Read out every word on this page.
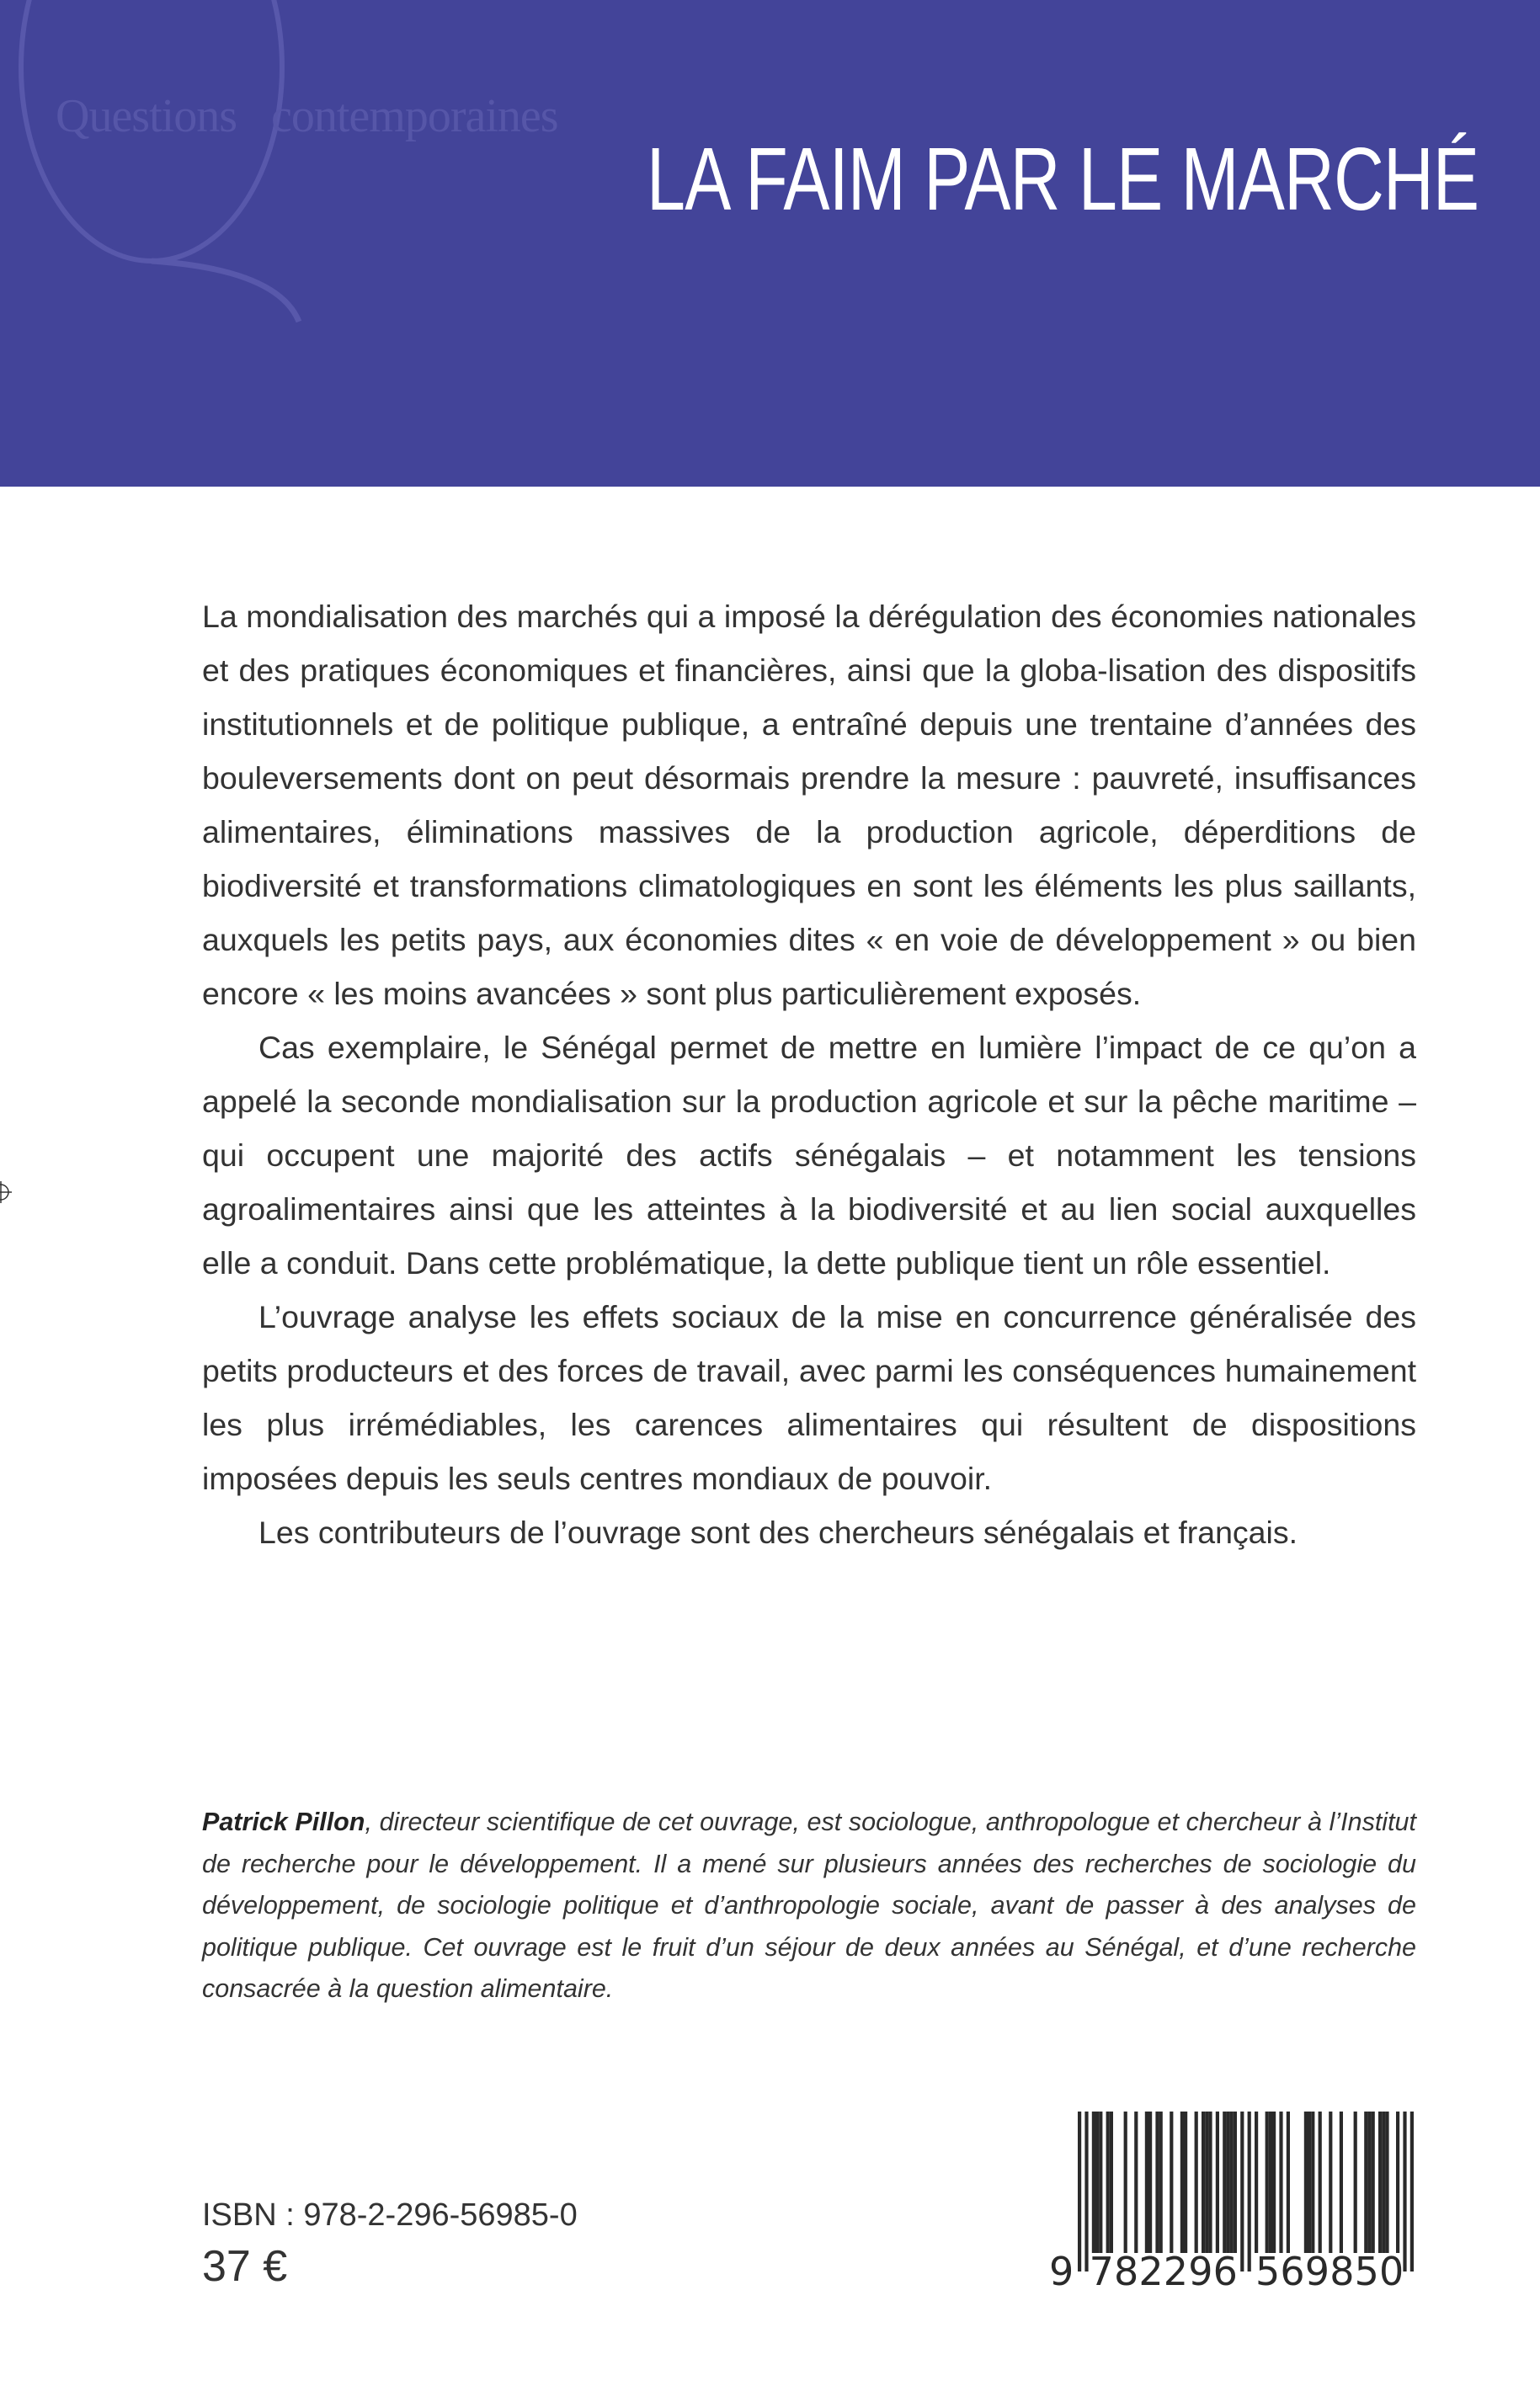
Questions contemporaines
LA FAIM PAR LE MARCHÉ

La mondialisation des marchés qui a imposé la dérégulation des économies nationales et des pratiques économiques et financières, ainsi que la globa-lisation des dispositifs institutionnels et de politique publique, a entraîné depuis une trentaine d’années des bouleversements dont on peut désormais prendre la mesure : pauvreté, insuffisances alimentaires, éliminations massives de la production agricole, déperditions de biodiversité et transformations climatologiques en sont les éléments les plus saillants, auxquels les petits pays, aux économies dites « en voie de développement » ou bien encore « les moins avancées » sont plus particulièrement exposés.

Cas exemplaire, le Sénégal permet de mettre en lumière l’impact de ce qu’on a appelé la seconde mondialisation sur la production agricole et sur la pêche maritime – qui occupent une majorité des actifs sénégalais – et notamment les tensions agroalimentaires ainsi que les atteintes à la biodiversité et au lien social auxquelles elle a conduit. Dans cette problématique, la dette publique tient un rôle essentiel.

L’ouvrage analyse les effets sociaux de la mise en concurrence généralisée des petits producteurs et des forces de travail, avec parmi les conséquences humainement les plus irrémédiables, les carences alimentaires qui résultent de dispositions imposées depuis les seuls centres mondiaux de pouvoir.

Les contributeurs de l’ouvrage sont des chercheurs sénégalais et français.

Patrick Pillon, directeur scientifique de cet ouvrage, est sociologue, anthropologue et chercheur à l’Institut de recherche pour le développement. Il a mené sur plusieurs années des recherches de sociologie du développement, de sociologie politique et d’anthropologie sociale, avant de passer à des analyses de politique publique. Cet ouvrage est le fruit d’un séjour de deux années au Sénégal, et d’une recherche consacrée à la question alimentaire.
ISBN : 978-2-296-56985-0
37 €	9 7 8 2 2 9 6 5 6 9 8 5 0
